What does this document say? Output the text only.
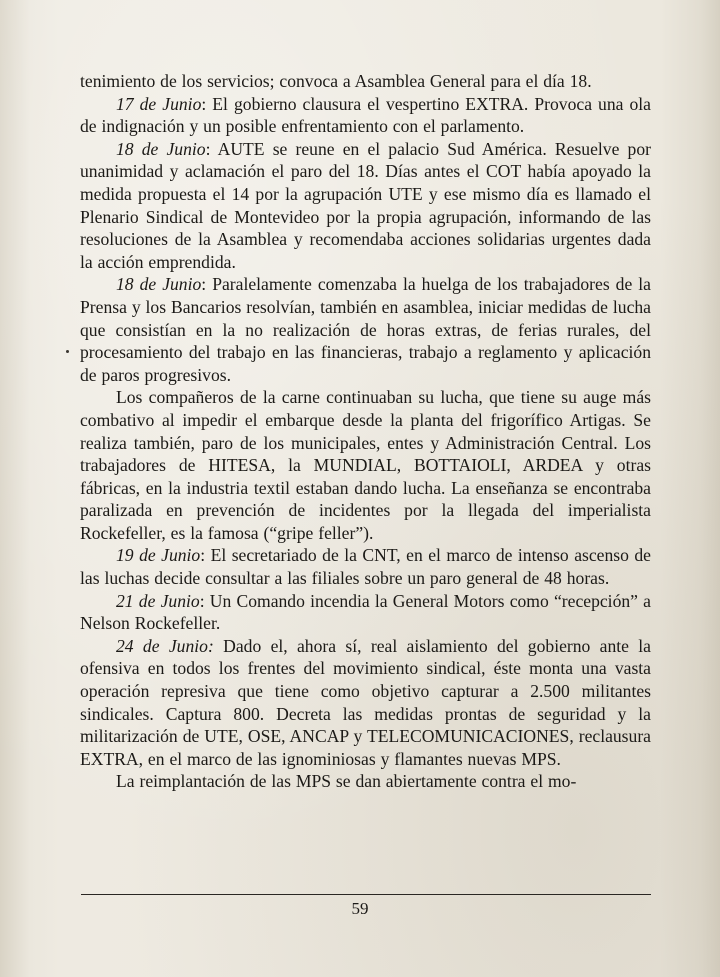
tenimiento de los servicios; convoca a Asamblea General para el día 18.

17 de Junio: El gobierno clausura el vespertino EXTRA. Provoca una ola de indignación y un posible enfrentamiento con el parlamento.

18 de Junio: AUTE se reune en el palacio Sud América. Resuelve por unanimidad y aclamación el paro del 18. Días antes el COT había apoyado la medida propuesta el 14 por la agrupación UTE y ese mismo día es llamado el Plenario Sindical de Montevideo por la propia agrupación, informando de las resoluciones de la Asamblea y recomendaba acciones solidarias urgentes dada la acción emprendida.

18 de Junio: Paralelamente comenzaba la huelga de los trabajadores de la Prensa y los Bancarios resolvían, también en asamblea, iniciar medidas de lucha que consistían en la no realización de horas extras, de ferias rurales, del procesamiento del trabajo en las financieras, trabajo a reglamento y aplicación de paros progresivos.

Los compañeros de la carne continuaban su lucha, que tiene su auge más combativo al impedir el embarque desde la planta del frigorífico Artigas. Se realiza también, paro de los municipales, entes y Administración Central. Los trabajadores de HITESA, la MUNDIAL, BOTTAIOLI, ARDEA y otras fábricas, en la industria textil estaban dando lucha. La enseñanza se encontraba paralizada en prevención de incidentes por la llegada del imperialista Rockefeller, es la famosa (“gripe feller”).

19 de Junio: El secretariado de la CNT, en el marco de intenso ascenso de las luchas decide consultar a las filiales sobre un paro general de 48 horas.

21 de Junio: Un Comando incendia la General Motors como “recepción” a Nelson Rockefeller.

24 de Junio: Dado el, ahora sí, real aislamiento del gobierno ante la ofensiva en todos los frentes del movimiento sindical, éste monta una vasta operación represiva que tiene como objetivo capturar a 2.500 militantes sindicales. Captura 800. Decreta las medidas prontas de seguridad y la militarización de UTE, OSE, ANCAP y TELECOMUNICACIONES, reclausura EXTRA, en el marco de las ignominiosas y flamantes nuevas MPS.

La reimplantación de las MPS se dan abiertamente contra el mo-

59
